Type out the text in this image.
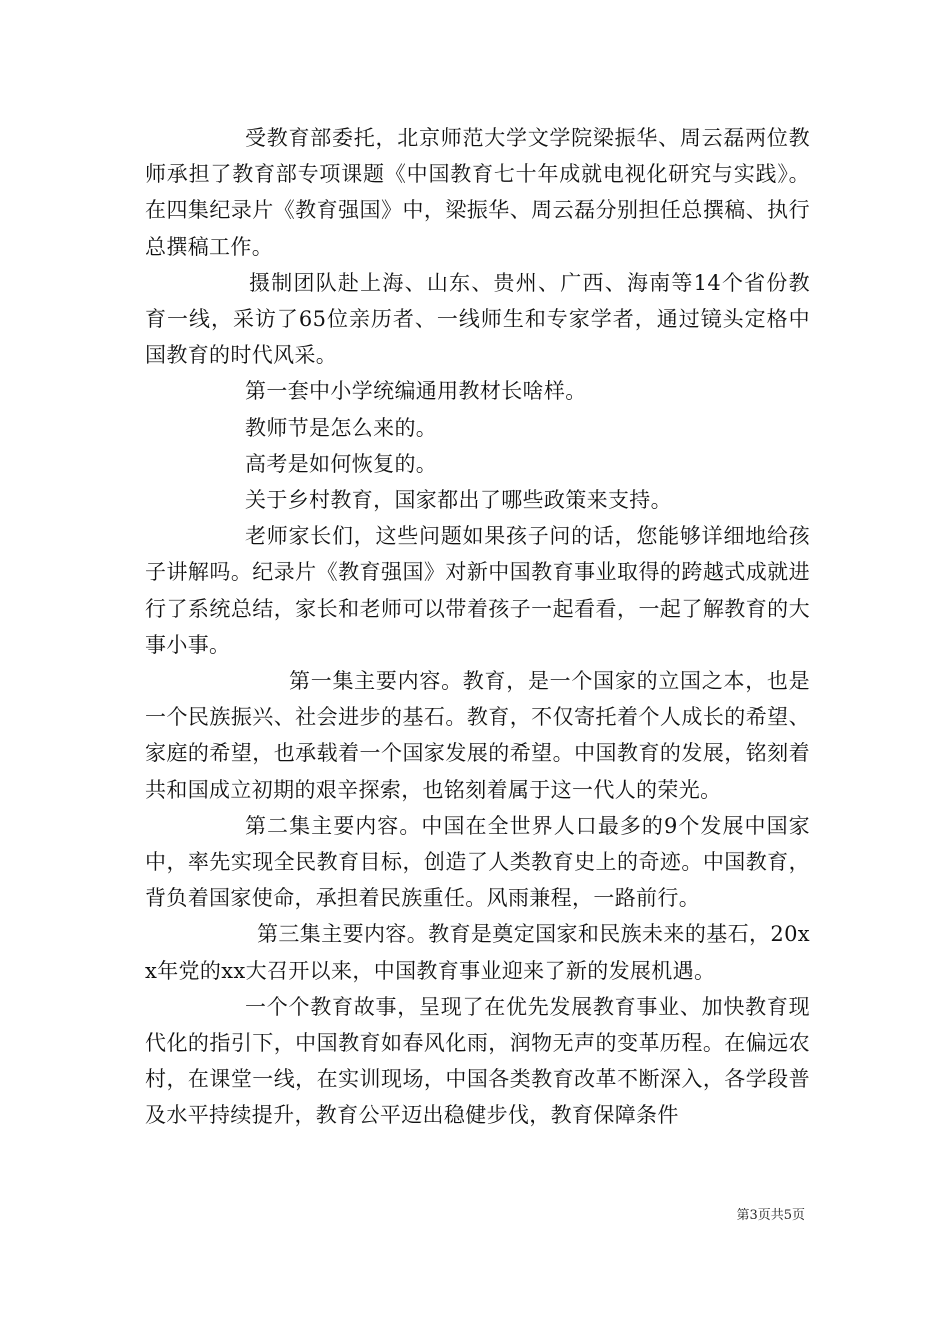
受教育部委托，北京师范大学文学院梁振华、周云磊两位教师承担了教育部专项课题《中国教育七十年成就电视化研究与实践》。在四集纪录片《教育强国》中，梁振华、周云磊分别担任总撰稿、执行总撰稿工作。

摄制团队赴上海、山东、贵州、广西、海南等14个省份教育一线，采访了65位亲历者、一线师生和专家学者，通过镜头定格中国教育的时代风采。

第一套中小学统编通用教材长啥样。

教师节是怎么来的。

高考是如何恢复的。

关于乡村教育，国家都出了哪些政策来支持。

老师家长们，这些问题如果孩子问的话，您能够详细地给孩子讲解吗。纪录片《教育强国》对新中国教育事业取得的跨越式成就进行了系统总结，家长和老师可以带着孩子一起看看，一起了解教育的大事小事。

第一集主要内容。教育，是一个国家的立国之本，也是一个民族振兴、社会进步的基石。教育，不仅寄托着个人成长的希望、家庭的希望，也承载着一个国家发展的希望。中国教育的发展，铭刻着共和国成立初期的艰辛探索，也铭刻着属于这一代人的荣光。

第二集主要内容。中国在全世界人口最多的9个发展中国家中，率先实现全民教育目标，创造了人类教育史上的奇迹。中国教育，背负着国家使命，承担着民族重任。风雨兼程，一路前行。

第三集主要内容。教育是奠定国家和民族未来的基石，20xx年党的xx大召开以来，中国教育事业迎来了新的发展机遇。

一个个教育故事，呈现了在优先发展教育事业、加快教育现代化的指引下，中国教育如春风化雨，润物无声的变革历程。在偏远农村，在课堂一线，在实训现场，中国各类教育改革不断深入，各学段普及水平持续提升，教育公平迈出稳健步伐，教育保障条件

第3页共5页
